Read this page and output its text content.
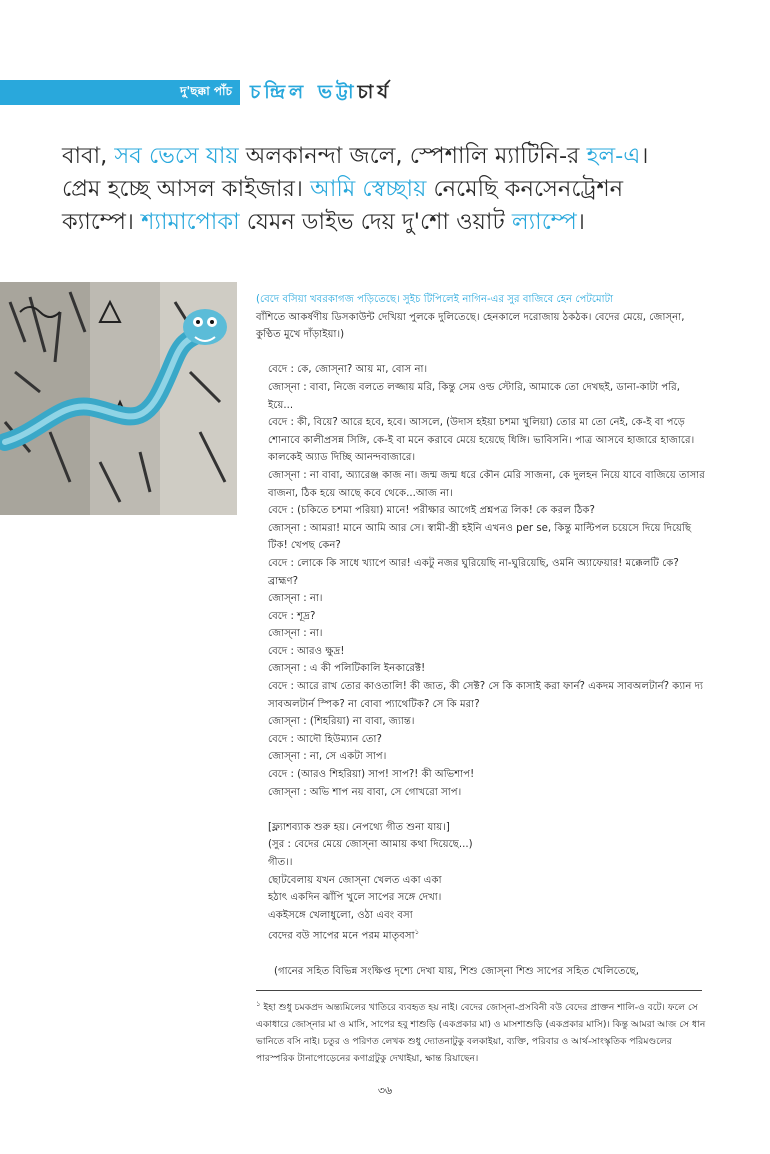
দু'ছক্কা পাঁচ চন্দ্রিল ভট্টাচার্য
বাবা, সব ভেসে যায় অলকানন্দা জলে, স্পেশালি ম্যাটিনি-র হল-এ।
প্রেম হচ্ছে আসল কাইজার। আমি স্বেচ্ছায় নেমেছি কনসেনট্রেশন
ক্যাম্পে। শ্যামাপোকা যেমন ডাইভ দেয় দু'শো ওয়াট ল্যাম্পে।

(বেদে বসিয়া খবরকাগজ পড়িতেছে। সুইচ টিপিলেই নাগিন-এর সুর বাজিবে হেন পেটমোটা

বাঁশিতে আকর্ষণীয় ডিসকাউন্ট দেখিয়া পুলকে দুলিতেছে। হেনকালে দরোজায় ঠকঠক। বেদের মেয়ে, জোস্‌না, কুণ্ঠিত মুখে দাঁড়াইয়া।)

বেদে : কে, জোস্‌না? আয় মা, বোস না।

জোস্‌না : বাবা, নিজে বলতে লজ্জায় মরি, কিন্তু সেম ওল্ড স্টোরি, আমাকে তো দেখছই, ডানা-কাটা পরি, ইয়ে...

বেদে : কী, বিয়ে? আরে হবে, হবে। আসলে, (উদাস হইয়া চশমা খুলিয়া) তোর মা তো নেই, কে-ই বা পড়ে শোনাবে কালীপ্রসন্ন সিঙ্গি, কে-ই বা মনে করাবে মেয়ে হয়েছে ধিঙ্গি। ভাবিসনি। পাত্র আসবে হাজারে হাজারে। কালকেই অ্যাড দিচ্ছি আনন্দবাজারে।

জোস্‌না : না বাবা, অ্যারেঞ্জ কাজ না। জন্ম জন্ম ধরে কৌন মেরি সাজনা, কে দুলহন নিয়ে যাবে বাজিয়ে তাসার বাজনা, ঠিক হয়ে আছে কবে থেকে...আজ না।

বেদে : (চকিতে চশমা পরিয়া) মানে! পরীক্ষার আগেই প্রশ্নপত্র লিক! কে করল ঠিক?

জোস্‌না : আমরা! মানে আমি আর সে। স্বামী-স্ত্রী হইনি এখনও per se, কিন্তু মাল্টিপল চয়েসে দিয়ে দিয়েছি টিক! খেপছ কেন?

বেদে : লোকে কি সাধে খ্যাপে আর! একটু নজর ঘুরিয়েছি না-ঘুরিয়েছি, ওমনি অ্যাফেয়ার! মক্কেলটি কে? ব্রাহ্মণ?

জোস্‌না : না।

বেদে : শূদ্র?

জোস্‌না : না।

বেদে : আরও ক্ষুদ্র!

জোস্‌না : এ কী পলিটিকালি ইনকারেক্ট!

বেদে : আরে রাখ তোর কাওতালি! কী জাত, কী সেক্ট? সে কি কাসাই করা ফার্ন? একদম সাবঅলটার্ন? ক্যান দ্য সাবঅলটার্ন স্পিক? না বোবা প্যাথেটিক? সে কি মরা?

জোস্‌না : (শিহরিয়া) না বাবা, জ্যান্ত।

বেদে : আদৌ হিউম্যান তো?

জোস্‌না : না, সে একটা সাপ।

বেদে : (আরও শিহরিয়া) সাপ! সাপ?! কী অভিশাপ!

জোস্‌না : অভি শাপ নয় বাবা, সে গোখরো সাপ।

[ফ্ল্যাশব্যাক শুরু হয়। নেপথ্যে গীত শুনা যায়।]

(সুর : বেদের মেয়ে জোস্‌না আমায় কথা দিয়েছে...)

গীত।।

ছোটবেলায় যখন জোস্‌না খেলত একা একা

হঠাৎ একদিন ঝাঁপি খুলে সাপের সঙ্গে দেখা।

একইসঙ্গে খেলাধুলো, ওঠা এবং বসা

বেদের বউ সাপের মনে পরম মাতৃবসা$^১$

(গানের সহিত বিভিন্ন সংক্ষিপ্ত দৃশ্যে দেখা যায়, শিশু জোস্‌না শিশু সাপের সহিত খেলিতেছে,

$^১$ ইহা শুধু চমকপ্রদ অন্ত্যমিলের খাতিরে ব্যবহৃত হয় নাই। বেদের জোস্‌না-প্রসবিনী বউ বেদের প্রাক্তন শালি-ও বটে। ফলে সে একাধারে জোস্‌নার মা ও মাসি, সাপের হবু শাশুড়ি (একপ্রকার মা) ও মাসশাশুড়ি (একপ্রকার মাসি)। কিন্তু আমরা আজ সে ধান ভানিতে বসি নাই। চতুর ও পরিণত লেখক শুধু দ্যোতনাটুকু বলকাইয়া, ব্যক্তি, পরিবার ও আর্থ-সাংস্কৃতিক পরিমণ্ডলের পারস্পরিক টানাপোড়েনের কণাগ্রটুকু দেখাইয়া, ক্ষান্ত রিয়াছেন।

৩৬
